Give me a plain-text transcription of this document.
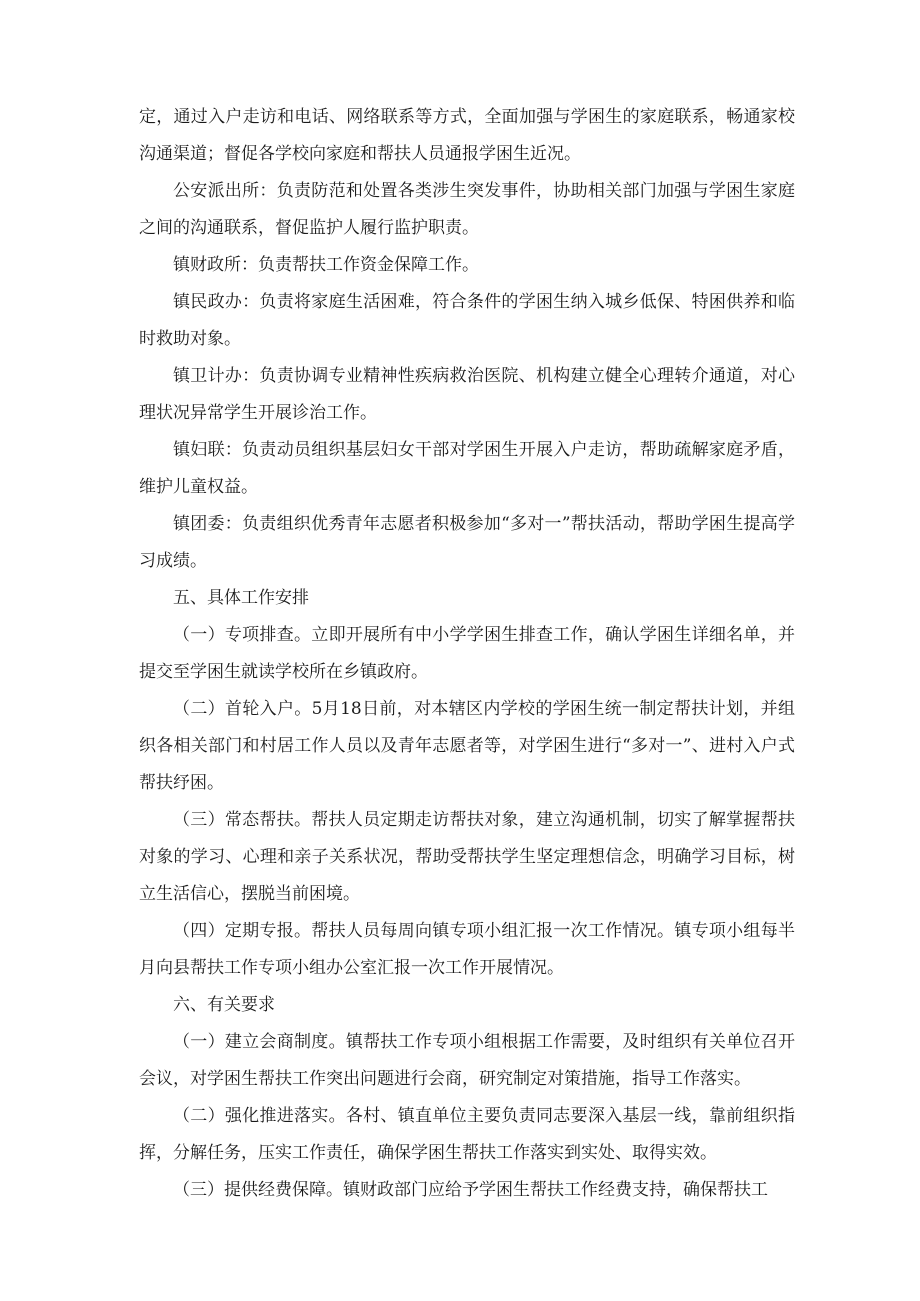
定，通过入户走访和电话、网络联系等方式，全面加强与学困生的家庭联系，畅通家校沟通渠道；督促各学校向家庭和帮扶人员通报学困生近况。

公安派出所：负责防范和处置各类涉生突发事件，协助相关部门加强与学困生家庭之间的沟通联系，督促监护人履行监护职责。

镇财政所：负责帮扶工作资金保障工作。

镇民政办：负责将家庭生活困难，符合条件的学困生纳入城乡低保、特困供养和临时救助对象。

镇卫计办：负责协调专业精神性疾病救治医院、机构建立健全心理转介通道，对心理状况异常学生开展诊治工作。

镇妇联：负责动员组织基层妇女干部对学困生开展入户走访，帮助疏解家庭矛盾，维护儿童权益。

镇团委：负责组织优秀青年志愿者积极参加“多对一”帮扶活动，帮助学困生提高学习成绩。

五、具体工作安排

（一）专项排查。立即开展所有中小学学困生排查工作，确认学困生详细名单，并提交至学困生就读学校所在乡镇政府。

（二）首轮入户。5月18日前，对本辖区内学校的学困生统一制定帮扶计划，并组织各相关部门和村居工作人员以及青年志愿者等，对学困生进行“多对一”、进村入户式帮扶纾困。

（三）常态帮扶。帮扶人员定期走访帮扶对象，建立沟通机制，切实了解掌握帮扶对象的学习、心理和亲子关系状况，帮助受帮扶学生坚定理想信念，明确学习目标，树立生活信心，摆脱当前困境。

（四）定期专报。帮扶人员每周向镇专项小组汇报一次工作情况。镇专项小组每半月向县帮扶工作专项小组办公室汇报一次工作开展情况。

六、有关要求

（一）建立会商制度。镇帮扶工作专项小组根据工作需要，及时组织有关单位召开会议，对学困生帮扶工作突出问题进行会商，研究制定对策措施，指导工作落实。

（二）强化推进落实。各村、镇直单位主要负责同志要深入基层一线，靠前组织指挥，分解任务，压实工作责任，确保学困生帮扶工作落实到实处、取得实效。

（三）提供经费保障。镇财政部门应给予学困生帮扶工作经费支持，确保帮扶工
